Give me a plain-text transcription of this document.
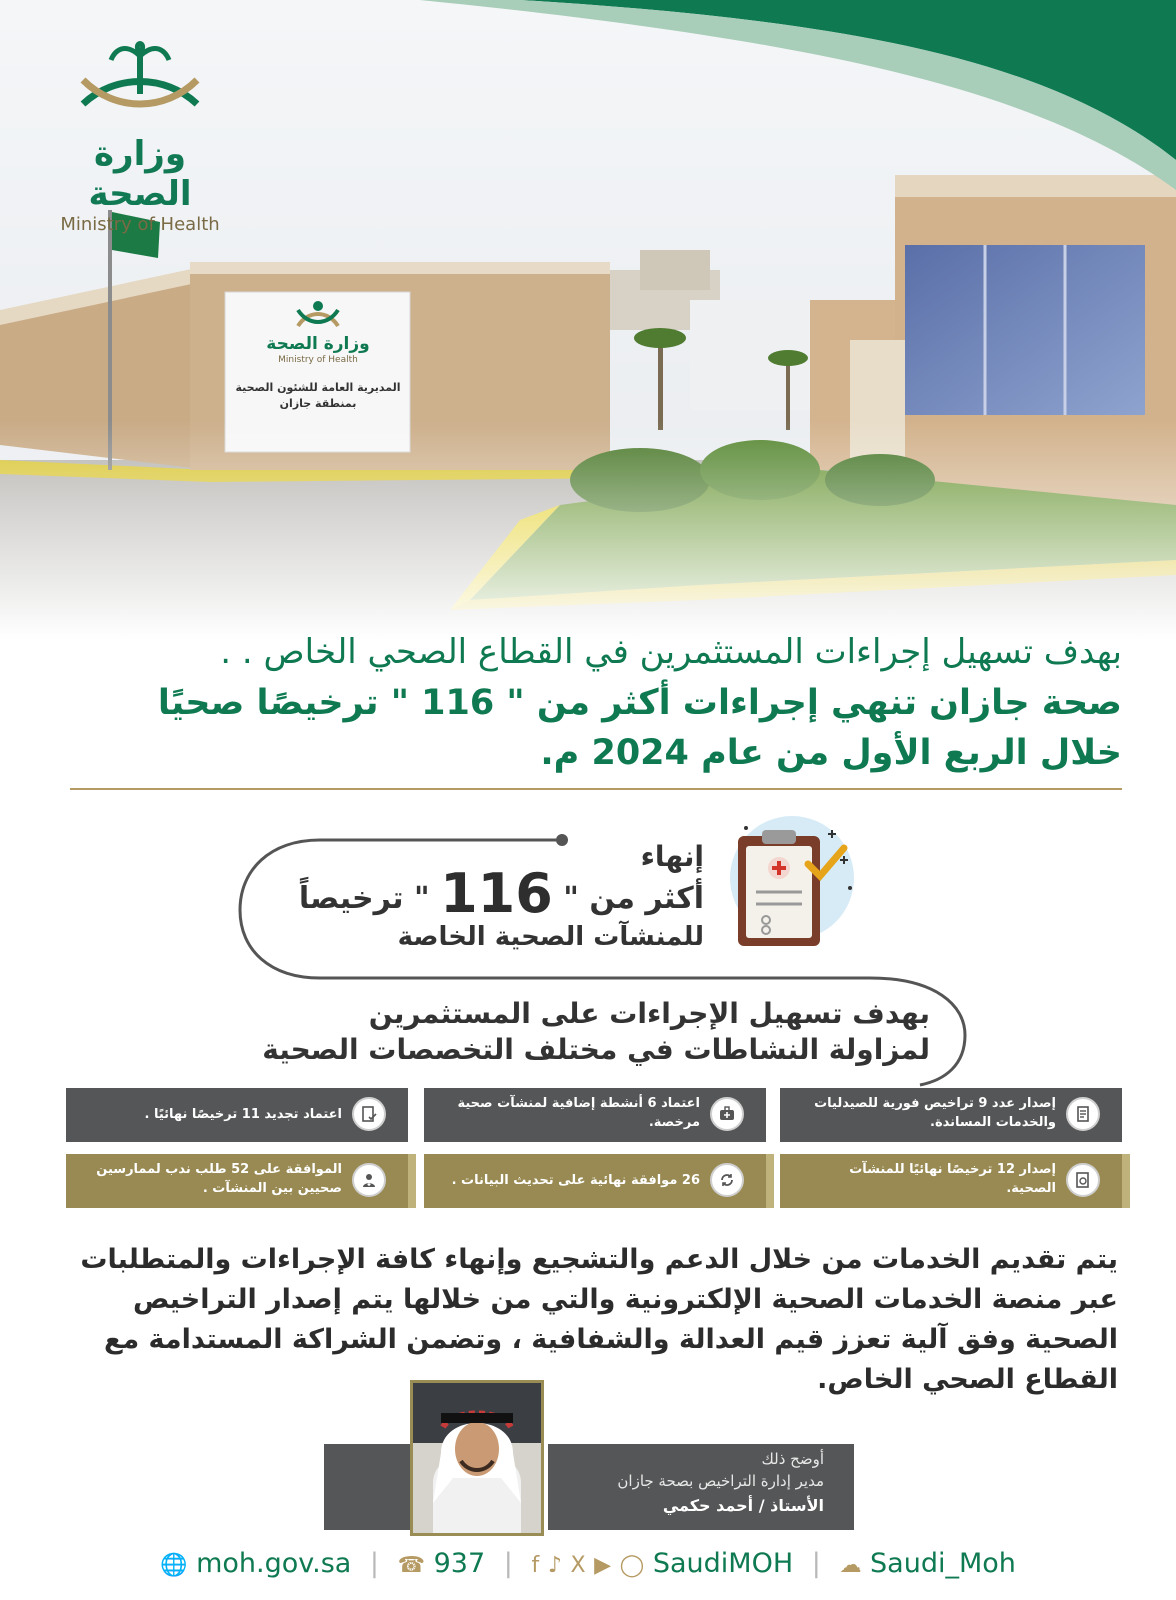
وزارة الصحة
Ministry of Health
المديرية العامة للشئون الصحية
بمنطقة جازان
وزارة الصحة
Ministry of Health
بهدف تسهيل إجراءات المستثمرين في القطاع الصحي الخاص . .
صحة جازان تنهي إجراءات أكثر من " 116 " ترخيصًا صحيًا
خلال الربع الأول من عام 2024 م.
إنهاء
أكثر من " 116 " ترخيصاً
للمنشآت الصحية الخاصة
بهدف تسهيل الإجراءات على المستثمرين
لمزاولة النشاطات في مختلف التخصصات الصحية
إصدار عدد 9 تراخيص فورية للصيدليات والخدمات المساندة.
اعتماد 6 أنشطة إضافية لمنشآت صحية مرخصة.
اعتماد تجديد 11 ترخيصًا نهائيًا .
إصدار 12 ترخيصًا نهائيًا للمنشآت الصحية.
26 موافقة نهائية على تحديث البيانات .
الموافقة على 52 طلب ندب لممارسين صحيين بين المنشآت .
يتم تقديم الخدمات من خلال الدعم والتشجيع وإنهاء كافة الإجراءات والمتطلبات عبر منصة الخدمات الصحية الإلكترونية والتي من خلالها يتم إصدار التراخيص الصحية وفق آلية تعزز قيم العدالة والشفافية ، وتضمن الشراكة المستدامة مع القطاع الصحي الخاص.
أوضح ذلك
مدير إدارة التراخيص بصحة جازان
الأستاذ / أحمد حكمي
🌐 moh.gov.sa | ☎ 937 | f ♪ X ▶ ◯ SaudiMOH | ☁ Saudi_Moh
